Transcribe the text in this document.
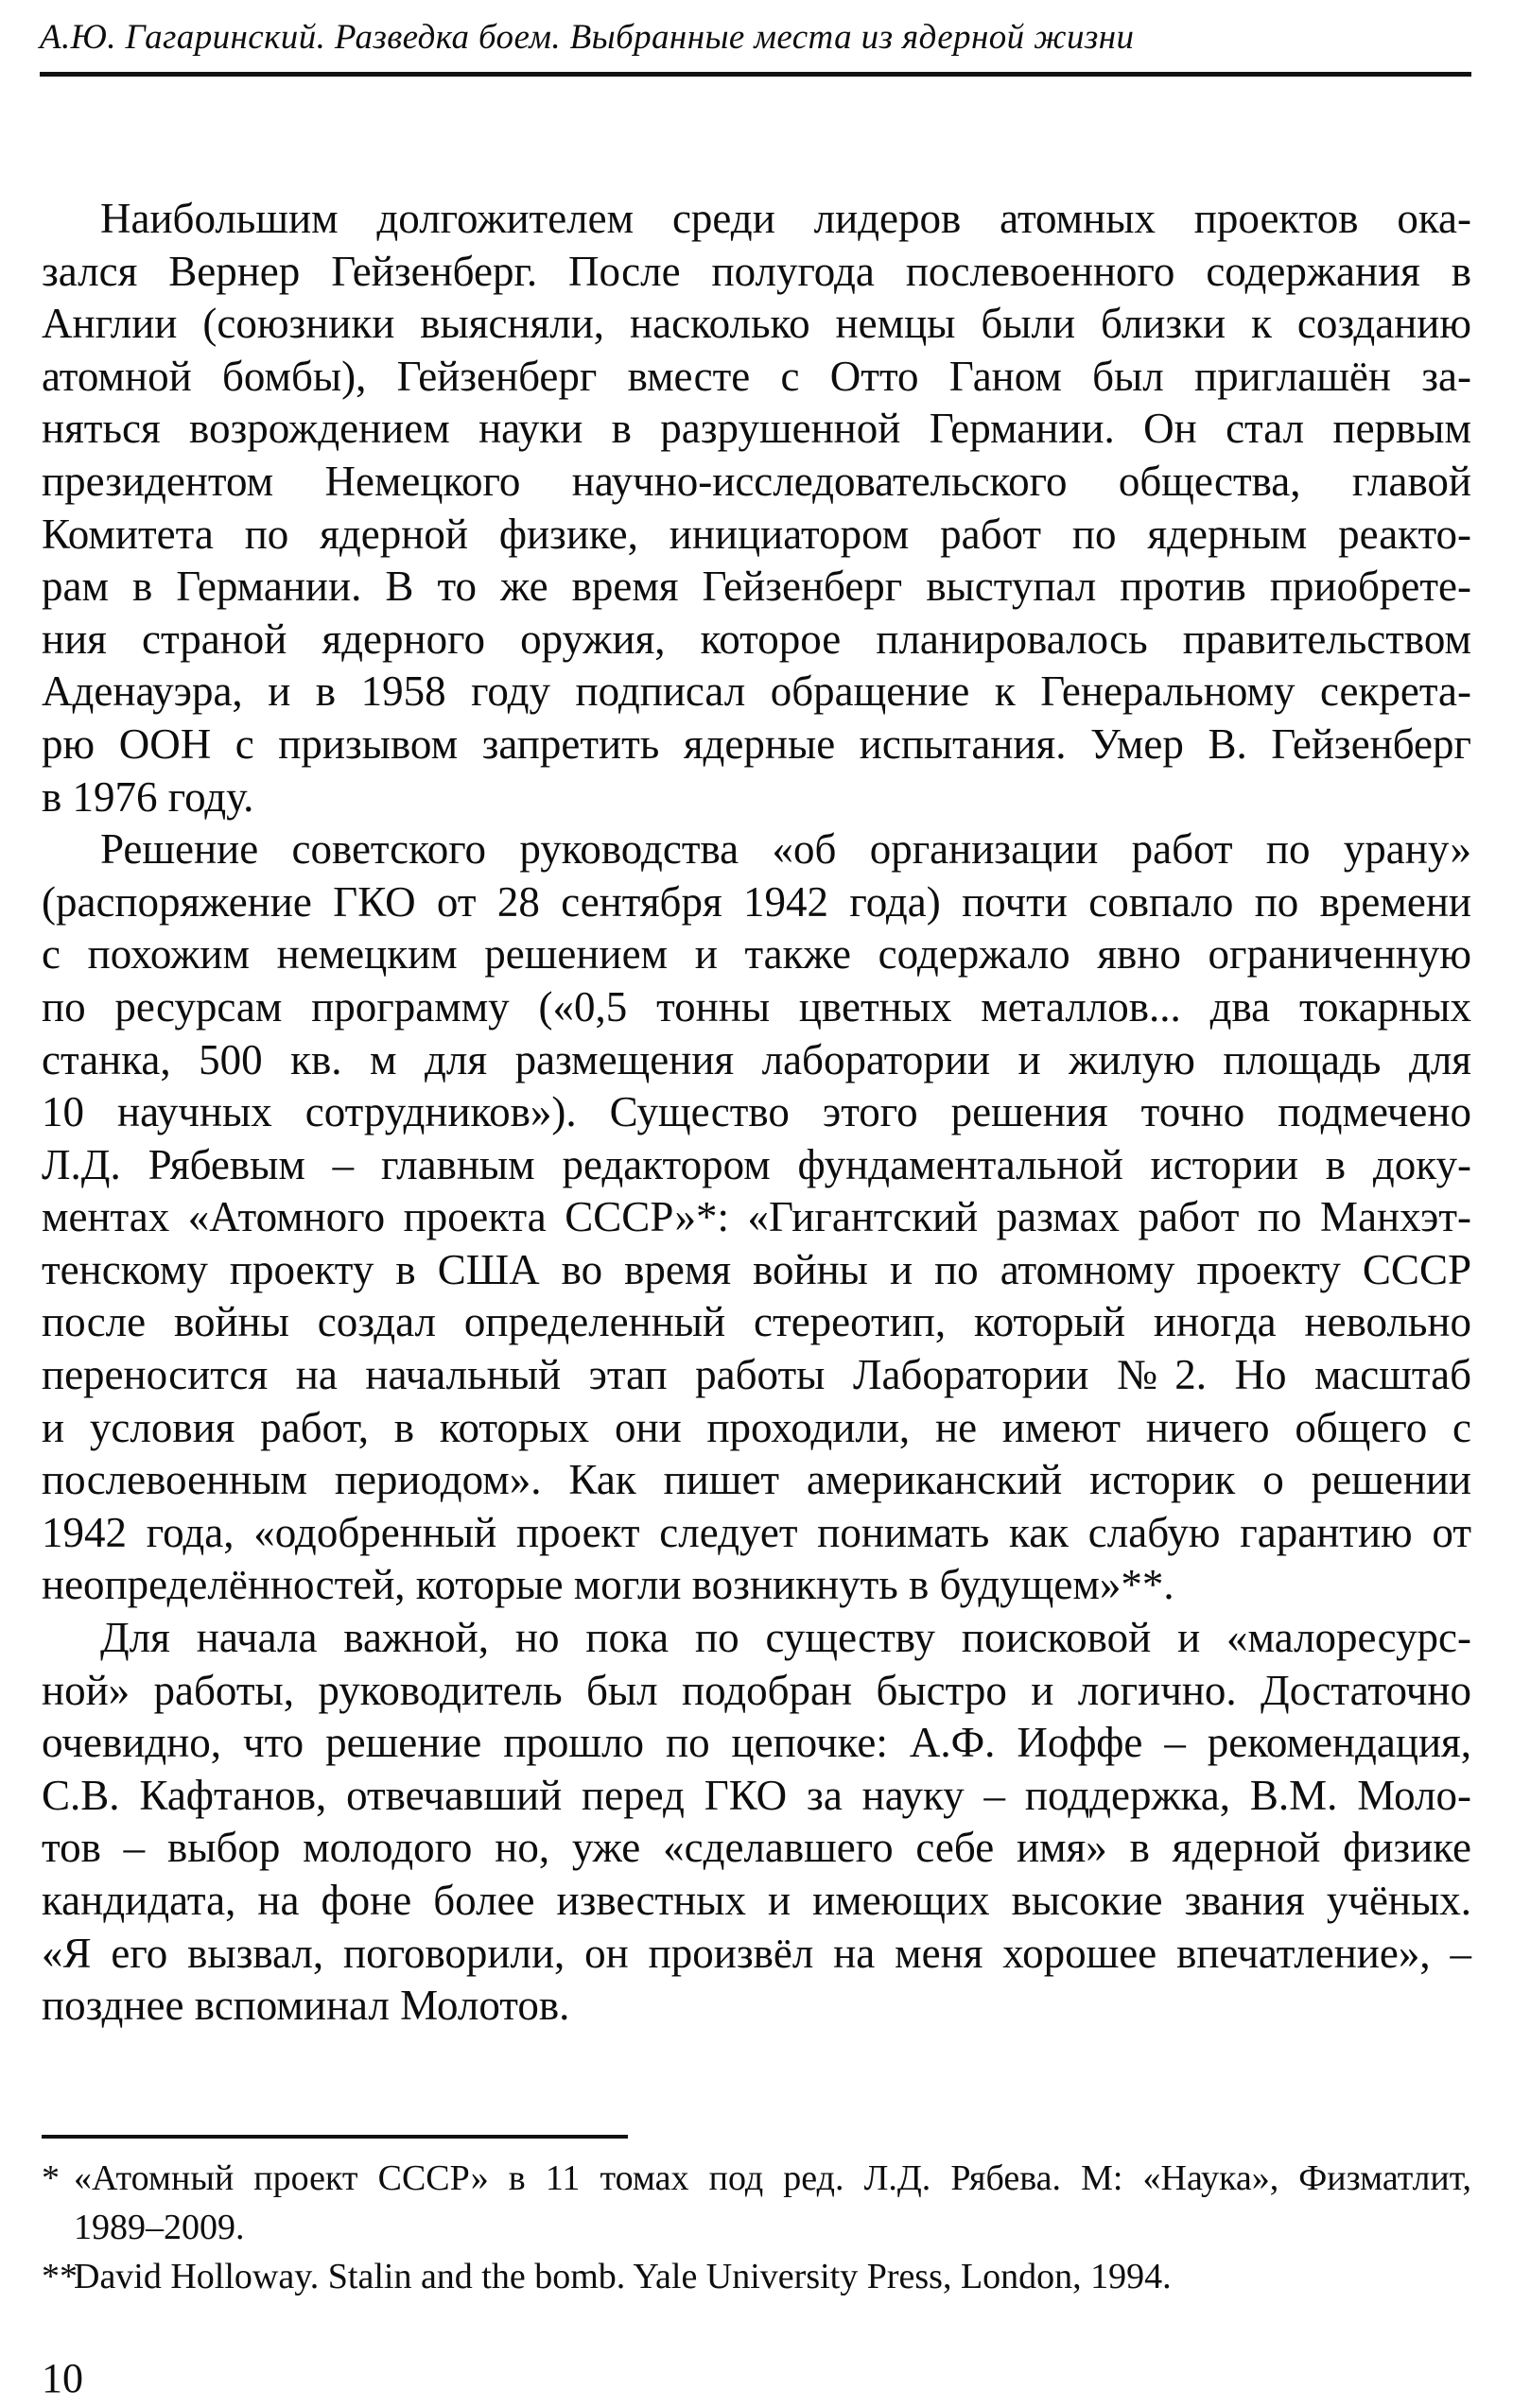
А.Ю. Гагаринский. Разведка боем. Выбранные места из ядерной жизни
Наибольшим долгожителем среди лидеров атомных проектов ока-
зался Вернер Гейзенберг. После полугода послевоенного содержания в
Англии (союзники выясняли, насколько немцы были близки к созданию
атомной бомбы), Гейзенберг вместе с Отто Ганом был приглашён за-
няться возрождением науки в разрушенной Германии. Он стал первым
президентом Немецкого научно-исследовательского общества, главой
Комитета по ядерной физике, инициатором работ по ядерным реакто-
рам в Германии. В то же время Гейзенберг выступал против приобрете-
ния страной ядерного оружия, которое планировалось правительством
Аденауэра, и в 1958 году подписал обращение к Генеральному секрета-
рю ООН с призывом запретить ядерные испытания. Умер В. Гейзенберг
в 1976 году.
Решение советского руководства «об организации работ по урану»
(распоряжение ГКО от 28 сентября 1942 года) почти совпало по времени
с похожим немецким решением и также содержало явно ограниченную
по ресурсам программу («0,5 тонны цветных металлов... два токарных
станка, 500 кв. м для размещения лаборатории и жилую площадь для
10 научных сотрудников»). Существо этого решения точно подмечено
Л.Д. Рябевым – главным редактором фундаментальной истории в доку-
ментах «Атомного проекта СССР»*: «Гигантский размах работ по Манхэт-
тенскому проекту в США во время войны и по атомному проекту СССР
после войны создал определенный стереотип, который иногда невольно
переносится на начальный этап работы Лаборатории №2. Но масштаб
и условия работ, в которых они проходили, не имеют ничего общего с
послевоенным периодом». Как пишет американский историк о решении
1942 года, «одобренный проект следует понимать как слабую гарантию от
неопределённостей, которые могли возникнуть в будущем»**.
Для начала важной, но пока по существу поисковой и «малоресурс-
ной» работы, руководитель был подобран быстро и логично. Достаточно
очевидно, что решение прошло по цепочке: А.Ф. Иоффе – рекомендация,
С.В. Кафтанов, отвечавший перед ГКО за науку – поддержка, В.М. Моло-
тов – выбор молодого но, уже «сделавшего себе имя» в ядерной физике
кандидата, на фоне более известных и имеющих высокие звания учёных.
«Я его вызвал, поговорили, он произвёл на меня хорошее впечатление», –
позднее вспоминал Молотов.
* «Атомный проект СССР» в 11 томах под ред. Л.Д. Рябева. М: «Наука», Физматлит,
1989–2009.
**
David Holloway. Stalin and the bomb. Yale University Press, London, 1994.
10
